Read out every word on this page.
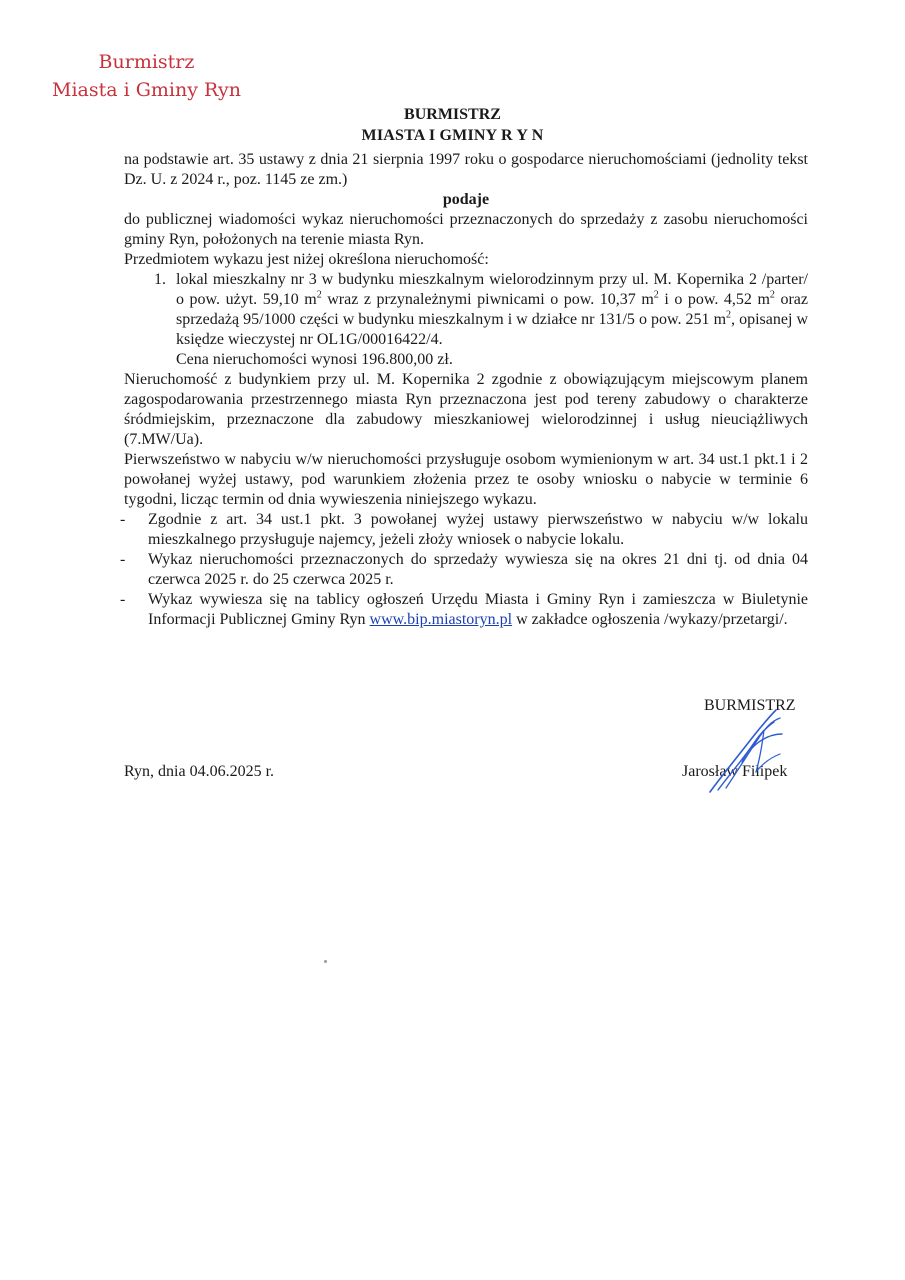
Burmistrz
Miasta i Gminy Ryn
BURMISTRZ
MIASTA I GMINY R Y N

na podstawie art. 35 ustawy z dnia 21 sierpnia 1997 roku o gospodarce nieruchomościami (jednolity tekst Dz. U. z 2024 r., poz. 1145 ze zm.)

podaje

do publicznej wiadomości wykaz nieruchomości przeznaczonych do sprzedaży z zasobu nieruchomości gminy Ryn, położonych na terenie miasta Ryn.

Przedmiotem wykazu jest niżej określona nieruchomość:

1. lokal mieszkalny nr 3 w budynku mieszkalnym wielorodzinnym przy ul. M. Kopernika 2 /parter/ o pow. użyt. 59,10 $m^2$ wraz z przynależnymi piwnicami o pow. 10,37 $m^2$ i o pow. 4,52 $m^2$ oraz sprzedażą 95/1000 części w budynku mieszkalnym i w działce nr 131/5 o pow. 251 $m^2$, opisanej w księdze wieczystej nr OL1G/00016422/4.
Cena nieruchomości wynosi 196.800,00 zł.

Nieruchomość z budynkiem przy ul. M. Kopernika 2 zgodnie z obowiązującym miejscowym planem zagospodarowania przestrzennego miasta Ryn przeznaczona jest pod tereny zabudowy o charakterze śródmiejskim, przeznaczone dla zabudowy mieszkaniowej wielorodzinnej i usług nieuciążliwych (7.MW/Ua).

Pierwszeństwo w nabyciu w/w nieruchomości przysługuje osobom wymienionym w art. 34 ust.1 pkt.1 i 2 powołanej wyżej ustawy, pod warunkiem złożenia przez te osoby wniosku o nabycie w terminie 6 tygodni, licząc termin od dnia wywieszenia niniejszego wykazu.

-	Zgodnie z art. 34 ust.1 pkt. 3 powołanej wyżej ustawy pierwszeństwo w nabyciu w/w lokalu mieszkalnego przysługuje najemcy, jeżeli złoży wniosek o nabycie lokalu.
-	Wykaz nieruchomości przeznaczonych do sprzedaży wywiesza się na okres 21 dni tj. od dnia 04 czerwca 2025 r. do 25 czerwca 2025 r.
-	Wykaz wywiesza się na tablicy ogłoszeń Urzędu Miasta i Gminy Ryn i zamieszcza w Biuletynie Informacji Publicznej Gminy Ryn www.bip.miastoryn.pl w zakładce ogłoszenia /wykazy/przetargi/.
BURMISTRZ
Ryn, dnia 04.06.2025 r.	Jarosław Filipek
